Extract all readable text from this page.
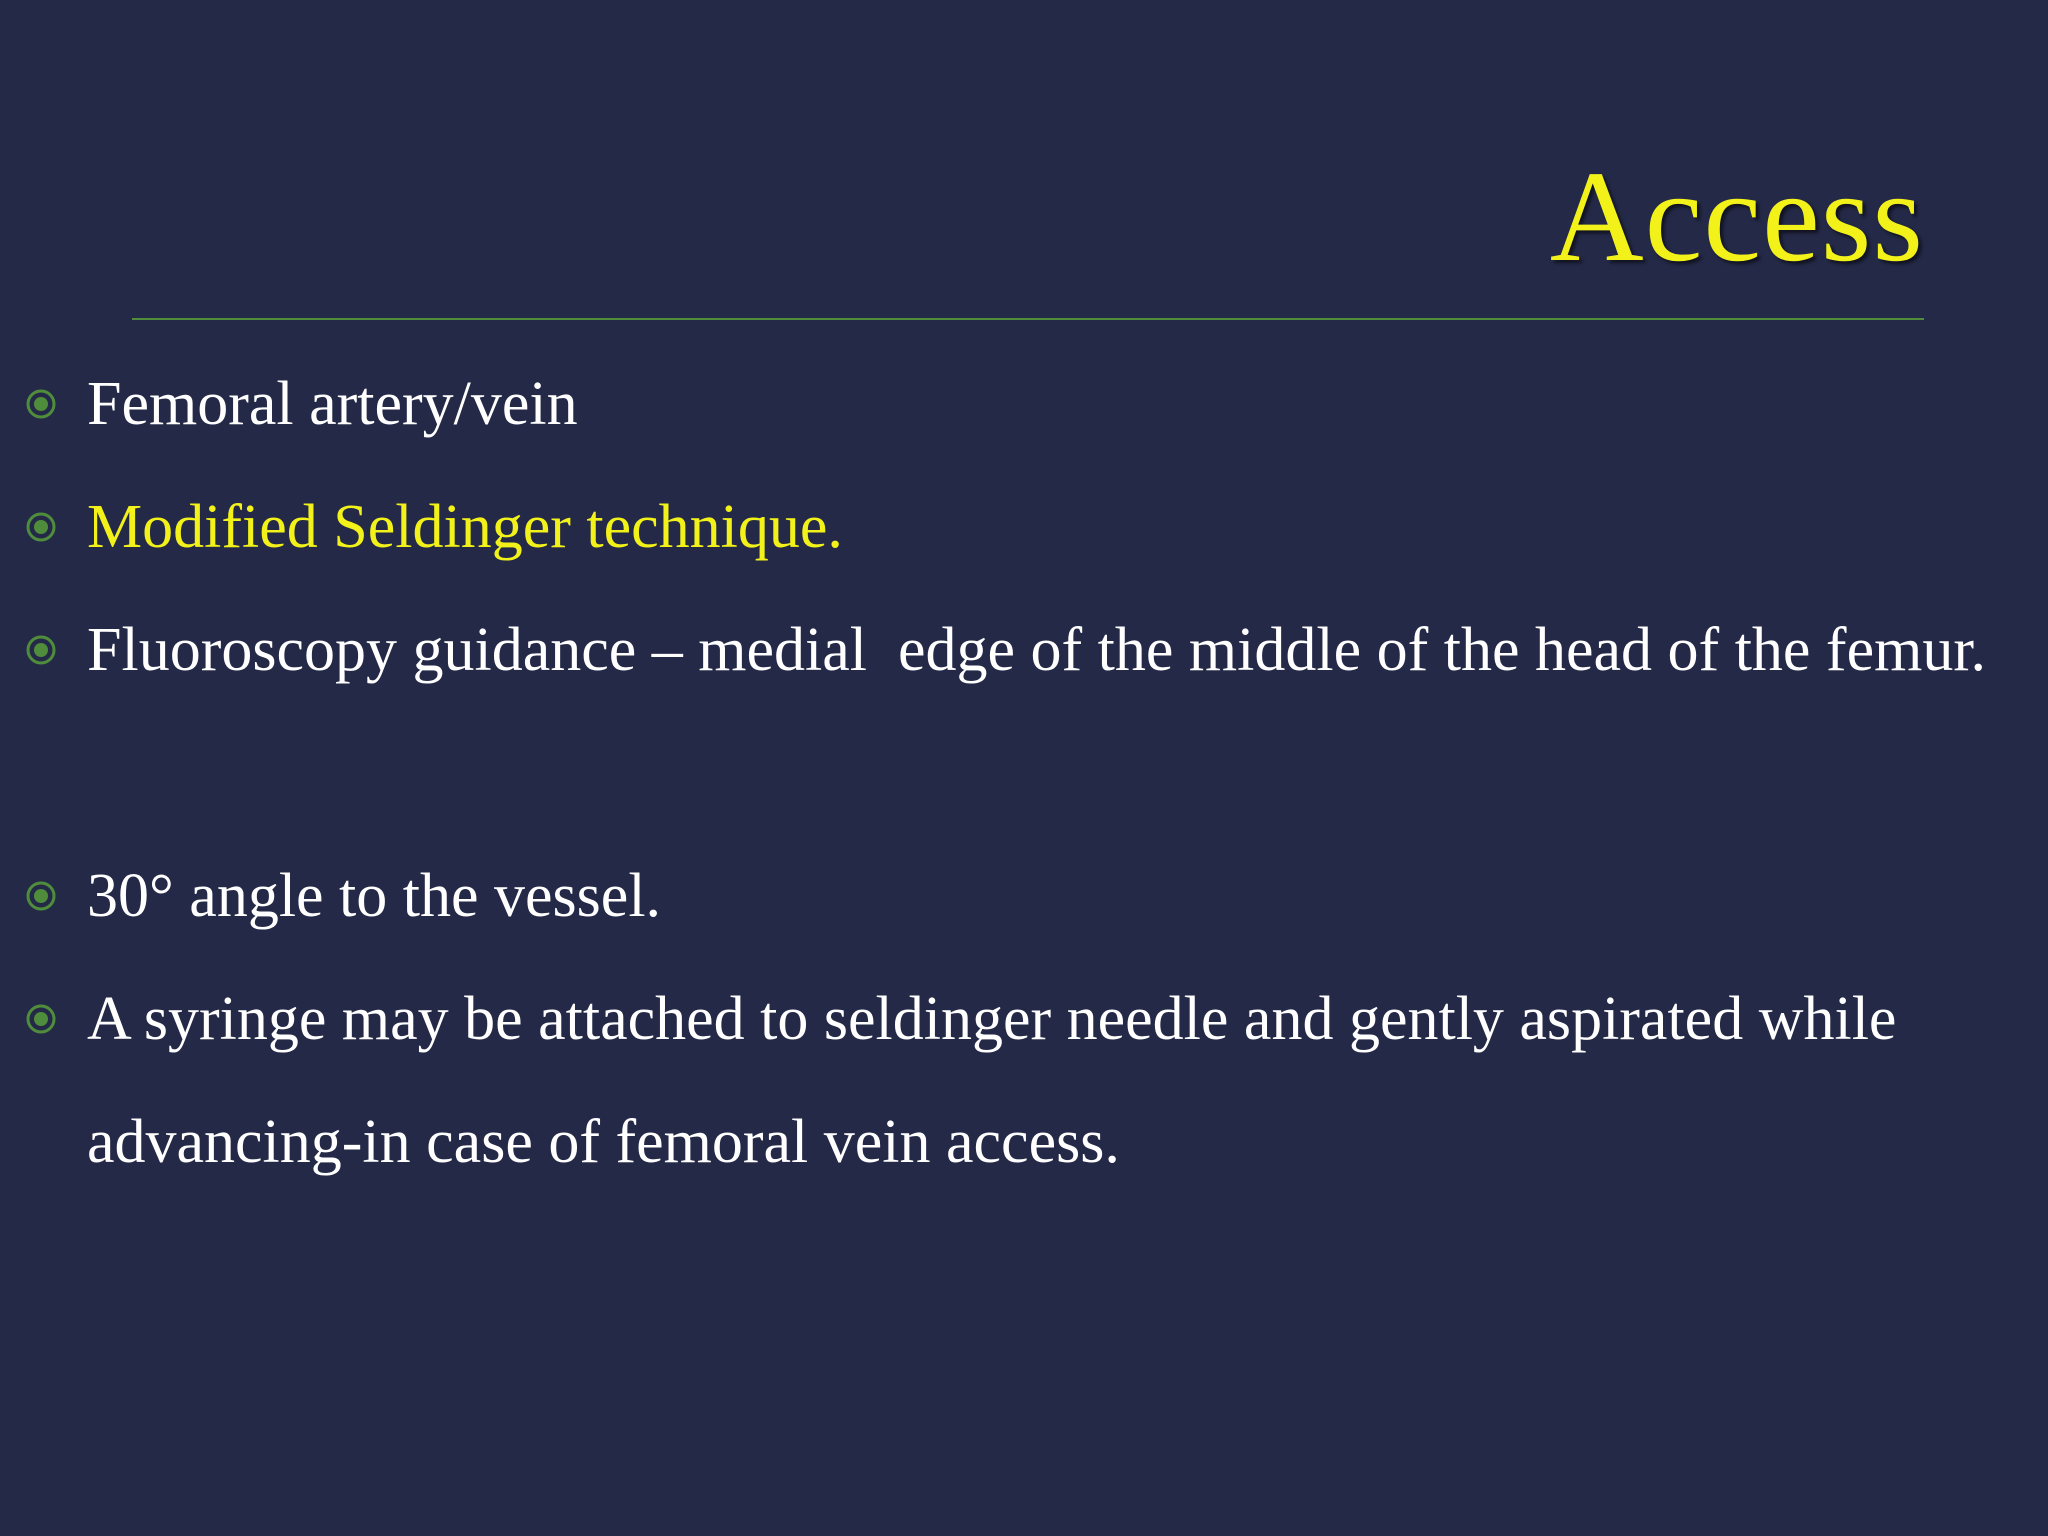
Access
Femoral artery/vein
Modified Seldinger technique.
Fluoroscopy guidance – medial  edge of the middle of the head of the femur.
30° angle to the vessel.
A syringe may be attached to seldinger needle and gently aspirated while advancing-in case of femoral vein access.
